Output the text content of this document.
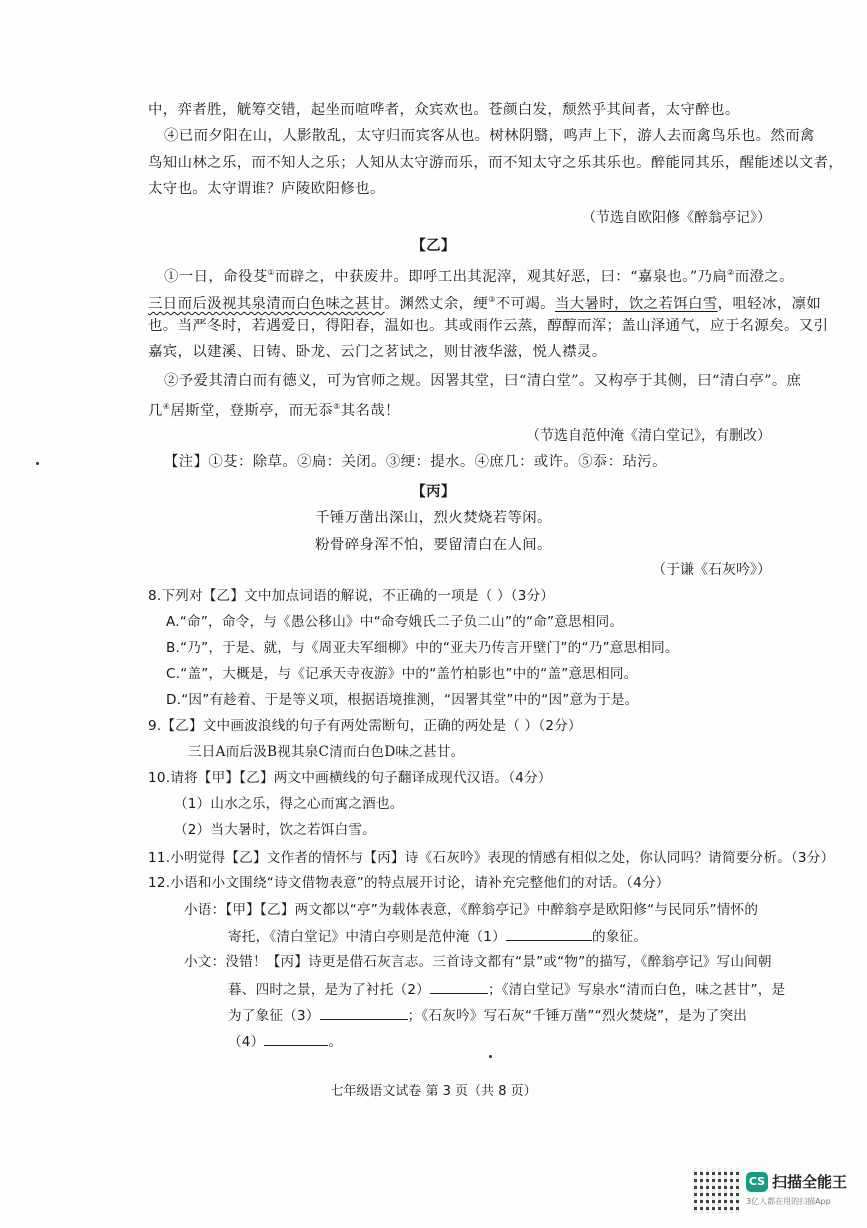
中，弈者胜，觥筹交错，起坐而喧哗者，众宾欢也。苍颜白发，颓然乎其间者，太守醉也。
④已而夕阳在山，人影散乱，太守归而宾客从也。树林阴翳，鸣声上下，游人去而禽鸟乐也。然而禽
鸟知山林之乐，而不知人之乐；人知从太守游而乐，而不知太守之乐其乐也。醉能同其乐，醒能述以文者，
太守也。太守谓谁？庐陵欧阳修也。
（节选自欧阳修《醉翁亭记》）
【乙】
①一日，命役芟①而辟之，中获废井。即呼工出其泥滓，观其好恶，曰：“嘉泉也。”乃扃②而澄之。
三日而后汲视其泉清而白色味之甚甘。渊然丈余，绠③不可竭。当大暑时，饮之若饵白雪，咀轻冰，凛如
也。当严冬时，若遇爱日，得阳春，温如也。其或雨作云蒸，醇醇而浑；盖山泽通气，应于名源矣。又引
嘉宾，以建溪、日铸、卧龙、云门之茗试之，则甘液华滋，悦人襟灵。
②予爱其清白而有德义，可为官师之规。因署其堂，曰“清白堂”。又构亭于其侧，曰“清白亭”。庶
几④居斯堂，登斯亭，而无忝⑤其名哉！
（节选自范仲淹《清白堂记》，有删改）
【注】①芟：除草。②扃：关闭。③绠：提水。④庶几：或许。⑤忝：玷污。
【丙】
千锤万凿出深山，烈火焚烧若等闲。
粉骨碎身浑不怕，要留清白在人间。
（于谦《石灰吟》）
8.下列对【乙】文中加点词语的解说，不正确的一项是（ ）（3分）
A.“命”，命令，与《愚公移山》中“命夸娥氏二子负二山”的“命”意思相同。
B.“乃”，于是、就，与《周亚夫军细柳》中的“亚夫乃传言开壁门”的“乃”意思相同。
C.“盖”，大概是，与《记承天寺夜游》中的“盖竹柏影也”中的“盖”意思相同。
D.“因”有趁着、于是等义项，根据语境推测，“因署其堂”中的“因”意为于是。
9.【乙】文中画波浪线的句子有两处需断句，正确的两处是（ ）（2分）
三日A而后汲B视其泉C清而白色D味之甚甘。
10.请将【甲】【乙】两文中画横线的句子翻译成现代汉语。（4分）
（1）山水之乐，得之心而寓之酒也。
（2）当大暑时，饮之若饵白雪。
11.小明觉得【乙】文作者的情怀与【丙】诗《石灰吟》表现的情感有相似之处，你认同吗？请简要分析。（3分）
12.小语和小文围绕“诗文借物表意”的特点展开讨论，请补充完整他们的对话。（4分）
小语：【甲】【乙】两文都以“亭”为载体表意，《醉翁亭记》中醉翁亭是欧阳修“与民同乐”情怀的
寄托，《清白堂记》中清白亭则是范仲淹（1）	的象征。
小文：没错！【丙】诗更是借石灰言志。三首诗文都有“景”或“物”的描写，《醉翁亭记》写山间朝
暮、四时之景，是为了衬托（2）	；《清白堂记》写泉水“清而白色，味之甚甘”，是
为了象征（3）	；《石灰吟》写石灰“千锤万凿”“烈火焚烧”，是为了突出
（4）	。
七年级语文试卷 第 3 页（共 8 页）
CS 扫描全能王
3亿人都在用的扫描App
